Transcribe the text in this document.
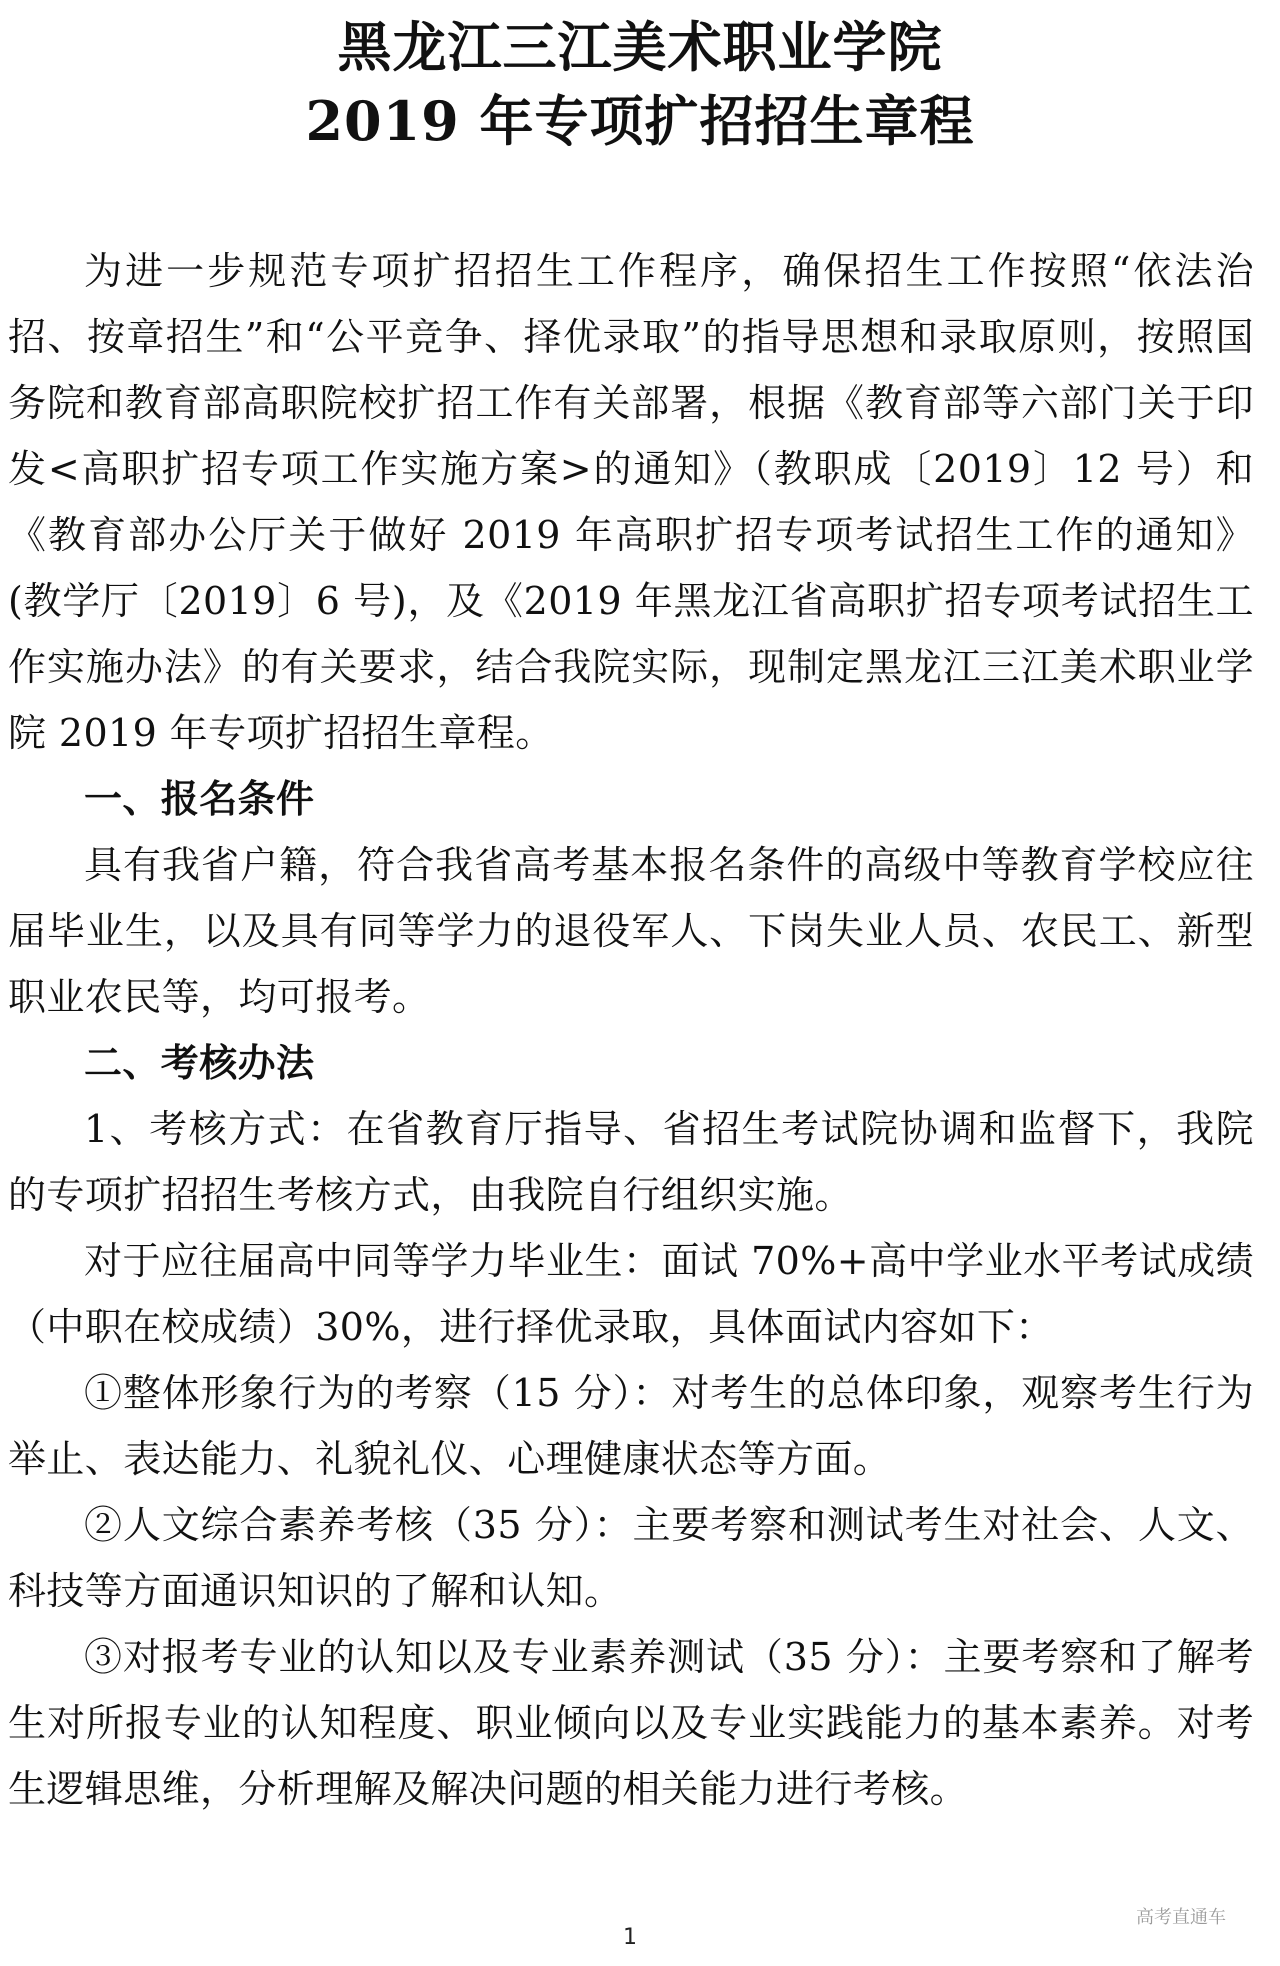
黑龙江三江美术职业学院
2019 年专项扩招招生章程

为进一步规范专项扩招招生工作程序，确保招生工作按照“依法治招、按章招生”和“公平竞争、择优录取”的指导思想和录取原则，按照国务院和教育部高职院校扩招工作有关部署，根据《教育部等六部门关于印发<高职扩招专项工作实施方案>的通知》（教职成〔2019〕12 号）和《教育部办公厅关于做好 2019 年高职扩招专项考试招生工作的通知》(教学厅〔2019〕6 号)，及《2019 年黑龙江省高职扩招专项考试招生工作实施办法》的有关要求，结合我院实际，现制定黑龙江三江美术职业学院 2019 年专项扩招招生章程。

一、报名条件

具有我省户籍，符合我省高考基本报名条件的高级中等教育学校应往届毕业生，以及具有同等学力的退役军人、下岗失业人员、农民工、新型职业农民等，均可报考。

二、考核办法

1、考核方式：在省教育厅指导、省招生考试院协调和监督下，我院的专项扩招招生考核方式，由我院自行组织实施。

对于应往届高中同等学力毕业生：面试 70%+高中学业水平考试成绩（中职在校成绩）30%，进行择优录取，具体面试内容如下：

①整体形象行为的考察（15 分）：对考生的总体印象，观察考生行为举止、表达能力、礼貌礼仪、心理健康状态等方面。

②人文综合素养考核（35 分）：主要考察和测试考生对社会、人文、科技等方面通识知识的了解和认知。

③对报考专业的认知以及专业素养测试（35 分）：主要考察和了解考生对所报专业的认知程度、职业倾向以及专业实践能力的基本素养。对考生逻辑思维，分析理解及解决问题的相关能力进行考核。

高考直通车
1
